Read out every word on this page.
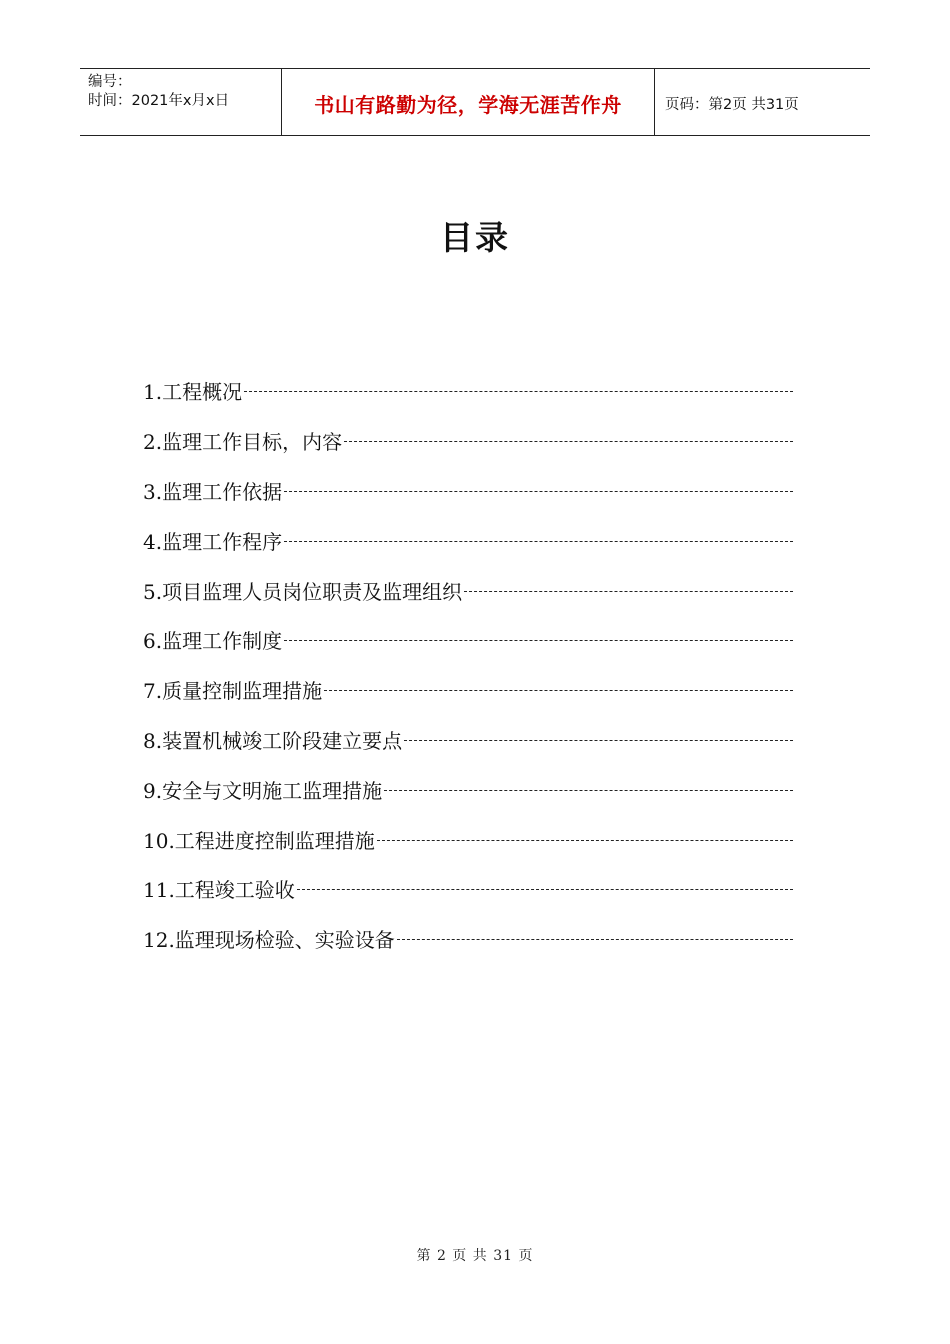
编号：
时间：2021年x月x日	书山有路勤为径，学海无涯苦作舟	页码：第2页 共31页
目录
1.工程概况
2.监理工作目标，内容
3.监理工作依据
4.监理工作程序
5.项目监理人员岗位职责及监理组织
6.监理工作制度
7.质量控制监理措施
8.装置机械竣工阶段建立要点
9.安全与文明施工监理措施
10.工程进度控制监理措施
11.工程竣工验收
12.监理现场检验、实验设备
第 2 页 共 31 页
